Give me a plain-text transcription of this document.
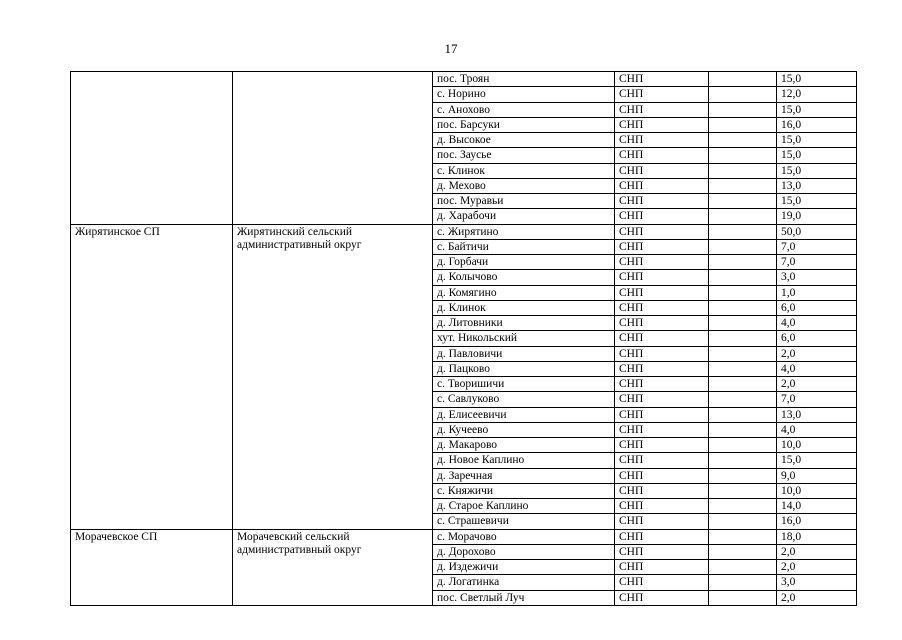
17
		пос. Троян	СНП		15,0
		с. Норино	СНП		12,0
		с. Анохово	СНП		15,0
		пос. Барсуки	СНП		16,0
		д. Высокое	СНП		15,0
		пос. Заусье	СНП		15,0
		с. Клинок	СНП		15,0
		д. Мехово	СНП		13,0
		пос. Муравьи	СНП		15,0
		д. Харабочи	СНП		19,0
Жирятинское СП	Жирятинский сельский административный округ	с. Жирятино	СНП		50,0
		с. Байтичи	СНП		7,0
		д. Горбачи	СНП		7,0
		д. Колычово	СНП		3,0
		д. Комягино	СНП		1,0
		д. Клинок	СНП		6,0
		д. Литовники	СНП		4,0
		хут. Никольский	СНП		6,0
		д. Павловичи	СНП		2,0
		д. Пацково	СНП		4,0
		с. Творишичи	СНП		2,0
		с. Савлуково	СНП		7,0
		д. Елисеевичи	СНП		13,0
		д. Кучеево	СНП		4,0
		д. Макарово	СНП		10,0
		д. Новое Каплино	СНП		15,0
		д. Заречная	СНП		9,0
		с. Княжичи	СНП		10,0
		д. Старое Каплино	СНП		14,0
		с. Страшевичи	СНП		16,0
Морачевское СП	Морачевский сельский административный округ	с. Морачово	СНП		18,0
		д. Дорохово	СНП		2,0
		д. Издежичи	СНП		2,0
		д. Логатинка	СНП		3,0
		пос. Светлый Луч	СНП		2,0
